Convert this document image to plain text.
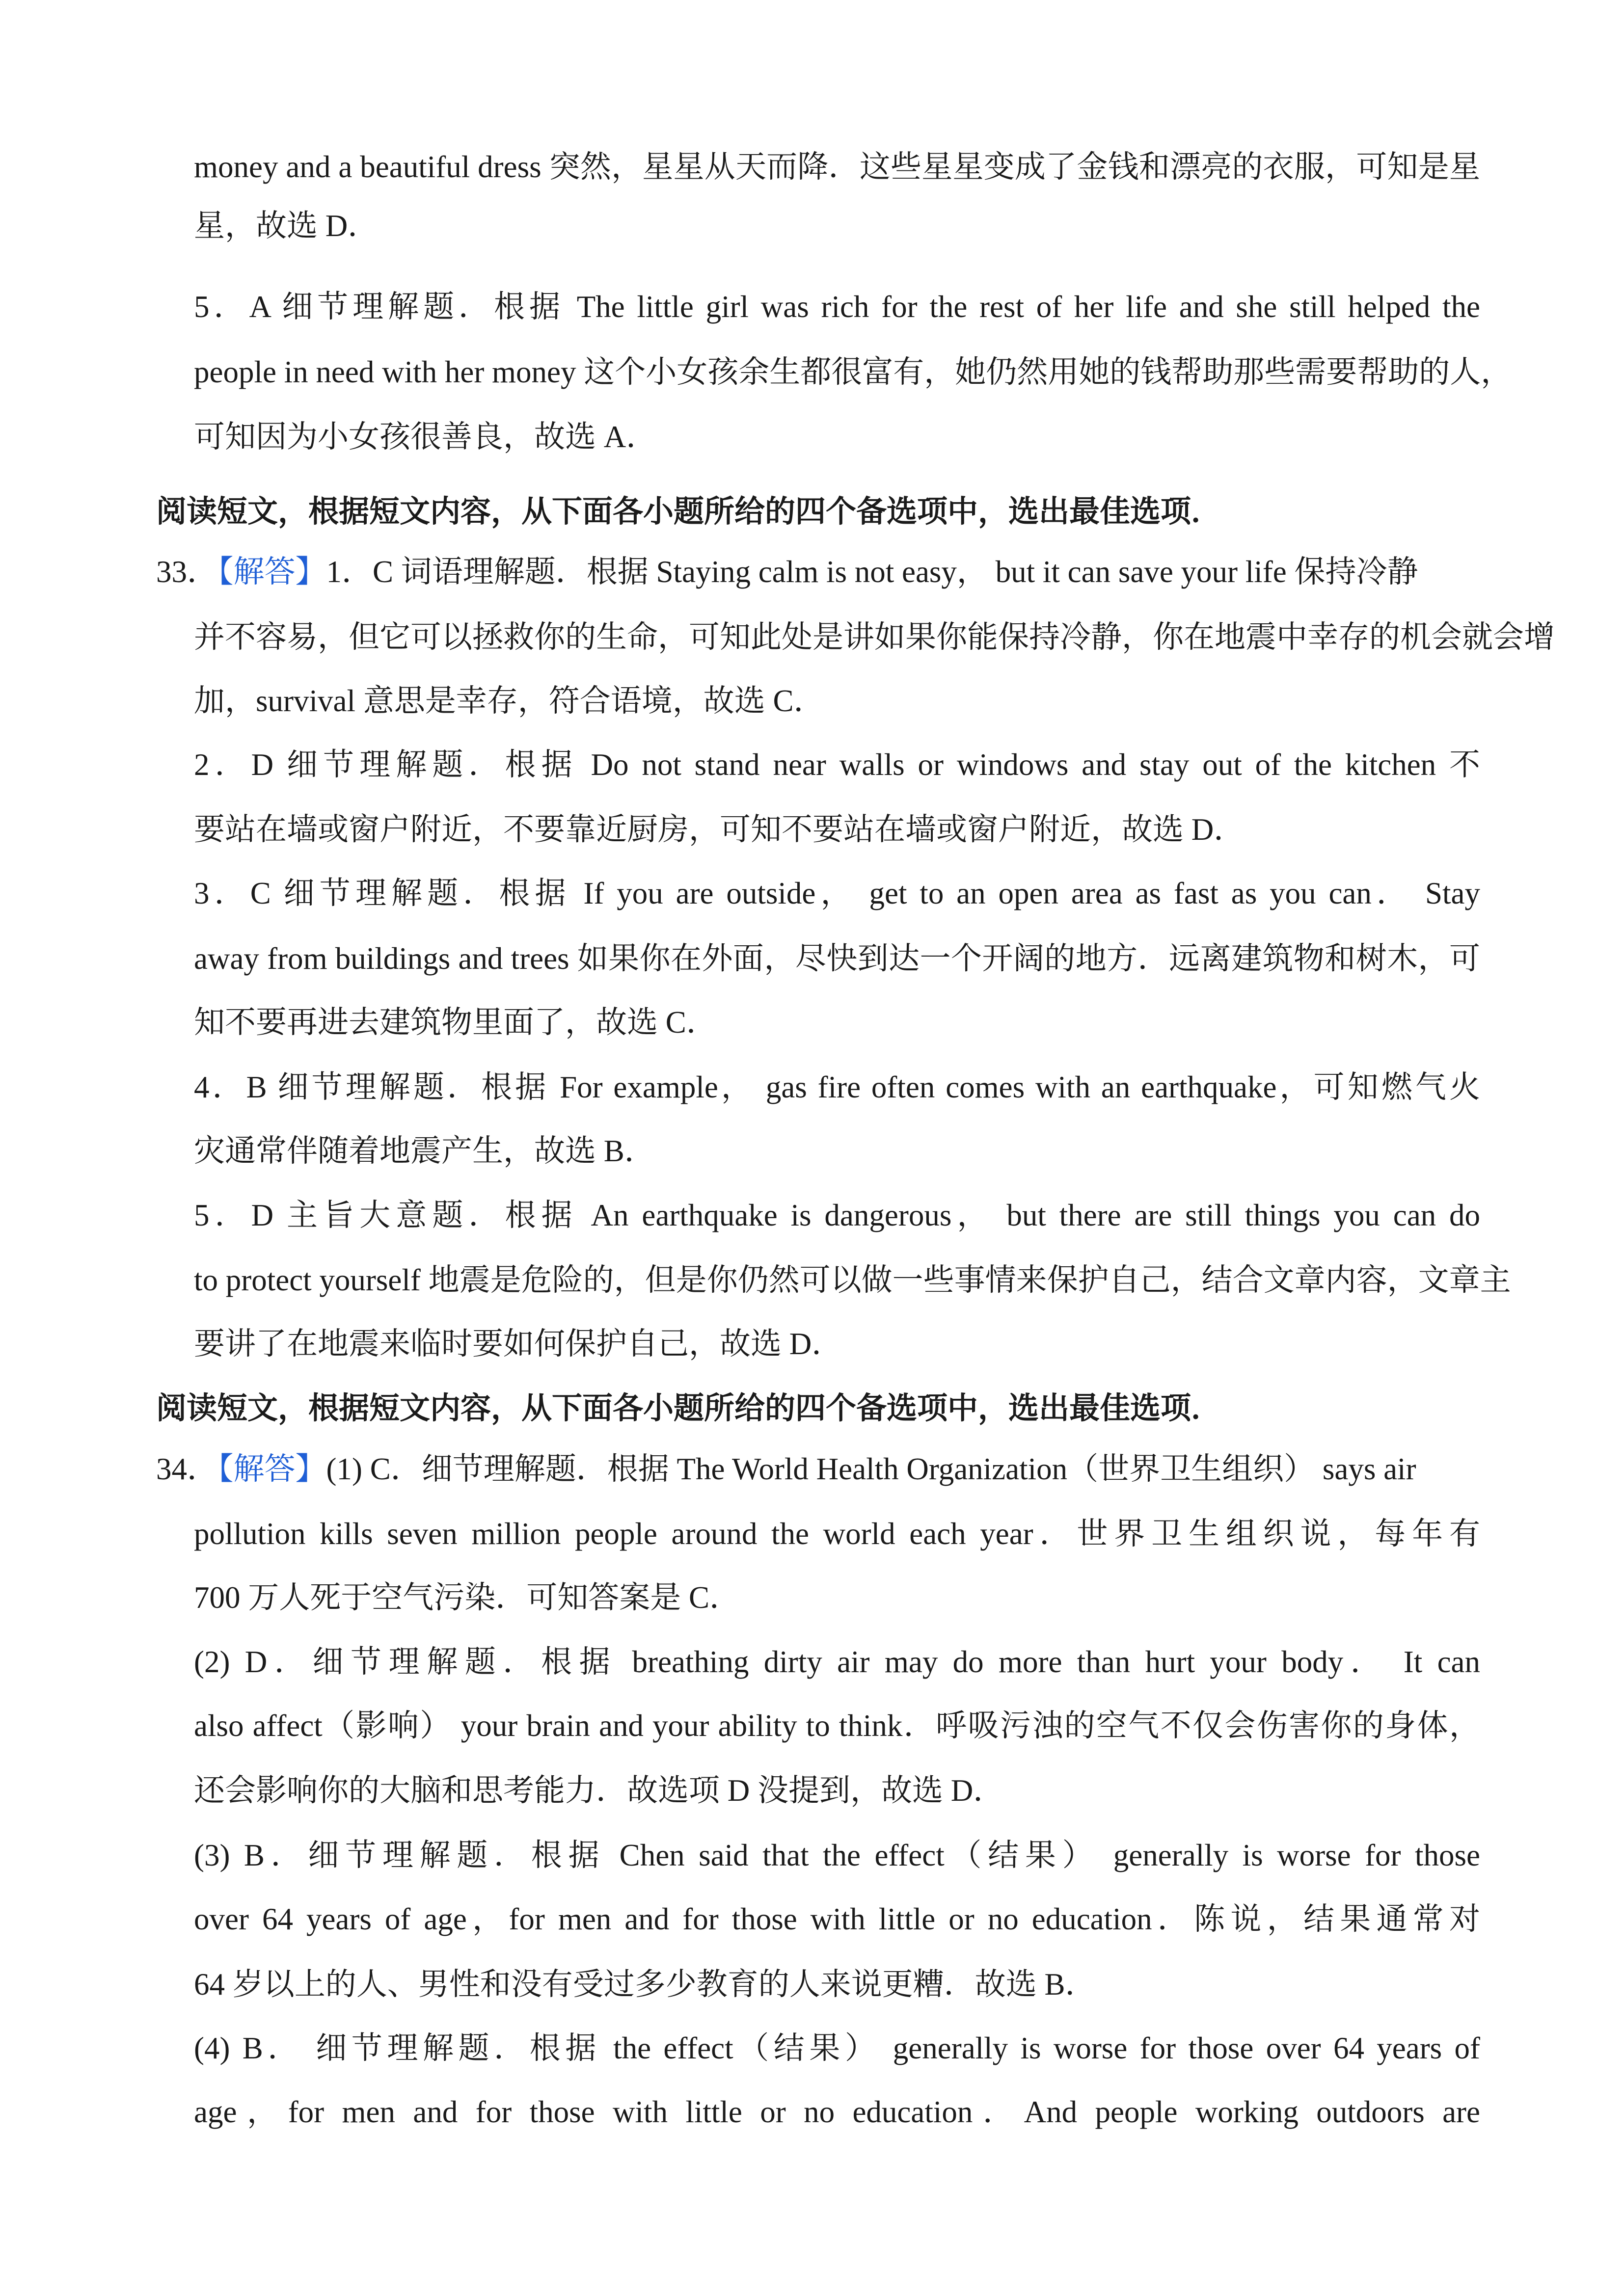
money and a beautiful dress 突然，星星从天而降．这些星星变成了金钱和漂亮的衣服，可知是星
星，故选 D．
5．A 细节理解题．根据 The little girl was rich for the rest of her life and she still helped the
people in need with her money 这个小女孩余生都很富有，她仍然用她的钱帮助那些需要帮助的人，
可知因为小女孩很善良，故选 A．
阅读短文，根据短文内容，从下面各小题所给的四个备选项中，选出最佳选项．
33．【解答】1．C 词语理解题．根据 Staying calm is not easy， but it can save your life 保持冷静
并不容易，但它可以拯救你的生命，可知此处是讲如果你能保持冷静，你在地震中幸存的机会就会增
加，survival 意思是幸存，符合语境，故选 C．
2．D 细节理解题．根据 Do not stand near walls or windows and stay out of the kitchen 不
要站在墙或窗户附近，不要靠近厨房，可知不要站在墙或窗户附近，故选 D．
3．C 细节理解题．根据 If you are outside， get to an open area as fast as you can． Stay
away from buildings and trees 如果你在外面，尽快到达一个开阔的地方．远离建筑物和树木，可
知不要再进去建筑物里面了，故选 C．
4．B 细节理解题．根据 For example， gas fire often comes with an earthquake，可知燃气火
灾通常伴随着地震产生，故选 B．
5．D 主旨大意题．根据 An earthquake is dangerous， but there are still things you can do
to protect yourself 地震是危险的，但是你仍然可以做一些事情来保护自己，结合文章内容，文章主
要讲了在地震来临时要如何保护自己，故选 D．
阅读短文，根据短文内容，从下面各小题所给的四个备选项中，选出最佳选项．
34．【解答】(1) C．细节理解题．根据 The World Health Organization（世界卫生组织） says air
pollution kills seven million people around the world each year．世界卫生组织说，每年有
700 万人死于空气污染．可知答案是 C．
(2) D．细节理解题．根据 breathing dirty air may do more than hurt your body． It can
also affect（影响） your brain and your ability to think．呼吸污浊的空气不仅会伤害你的身体，
还会影响你的大脑和思考能力．故选项 D 没提到，故选 D．
(3) B．细节理解题．根据 Chen said that the effect（结果） generally is worse for those
over 64 years of age，for men and for those with little or no education．陈说，结果通常对
64 岁以上的人、男性和没有受过多少教育的人来说更糟．故选 B．
(4) B． 细节理解题．根据 the effect（结果） generally is worse for those over 64 years of
age，for men and for those with little or no education．And people working outdoors are
